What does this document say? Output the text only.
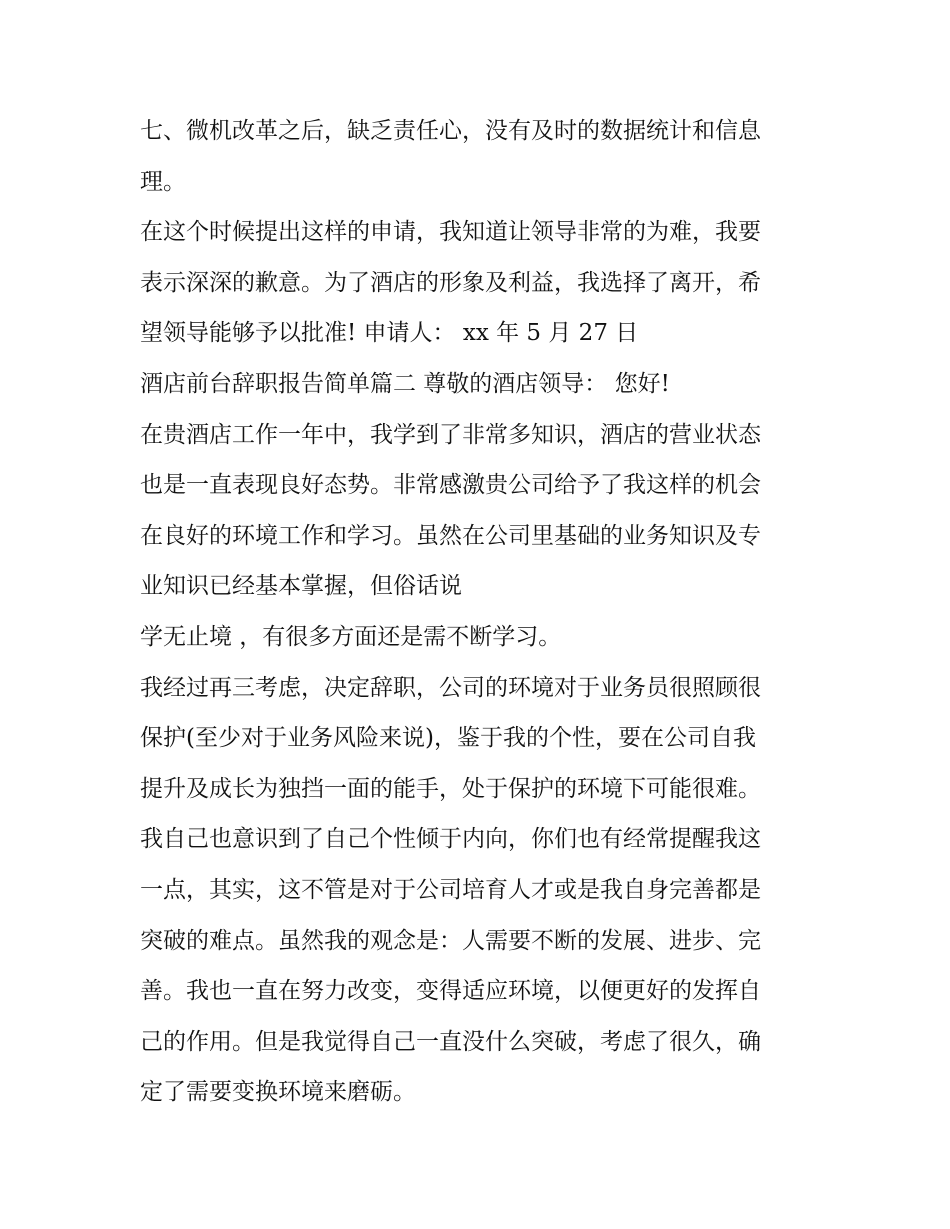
七、微机改革之后，缺乏责任心，没有及时的数据统计和信息
理。
在这个时候提出这样的申请，我知道让领导非常的为难，我要
表示深深的歉意。为了酒店的形象及利益，我选择了离开，希
望领导能够予以批准! 申请人： xx 年 5 月 27 日
酒店前台辞职报告简单篇二 尊敬的酒店领导： 您好!
在贵酒店工作一年中，我学到了非常多知识，酒店的营业状态
也是一直表现良好态势。非常感激贵公司给予了我这样的机会
在良好的环境工作和学习。虽然在公司里基础的业务知识及专
业知识已经基本掌握，但俗话说
学无止境 ，有很多方面还是需不断学习。
我经过再三考虑，决定辞职，公司的环境对于业务员很照顾很
保护(至少对于业务风险来说)，鉴于我的个性，要在公司自我
提升及成长为独挡一面的能手，处于保护的环境下可能很难。
我自己也意识到了自己个性倾于内向，你们也有经常提醒我这
一点，其实，这不管是对于公司培育人才或是我自身完善都是
突破的难点。虽然我的观念是：人需要不断的发展、进步、完
善。我也一直在努力改变，变得适应环境，以便更好的发挥自
己的作用。但是我觉得自己一直没什么突破，考虑了很久，确
定了需要变换环境来磨砺。
